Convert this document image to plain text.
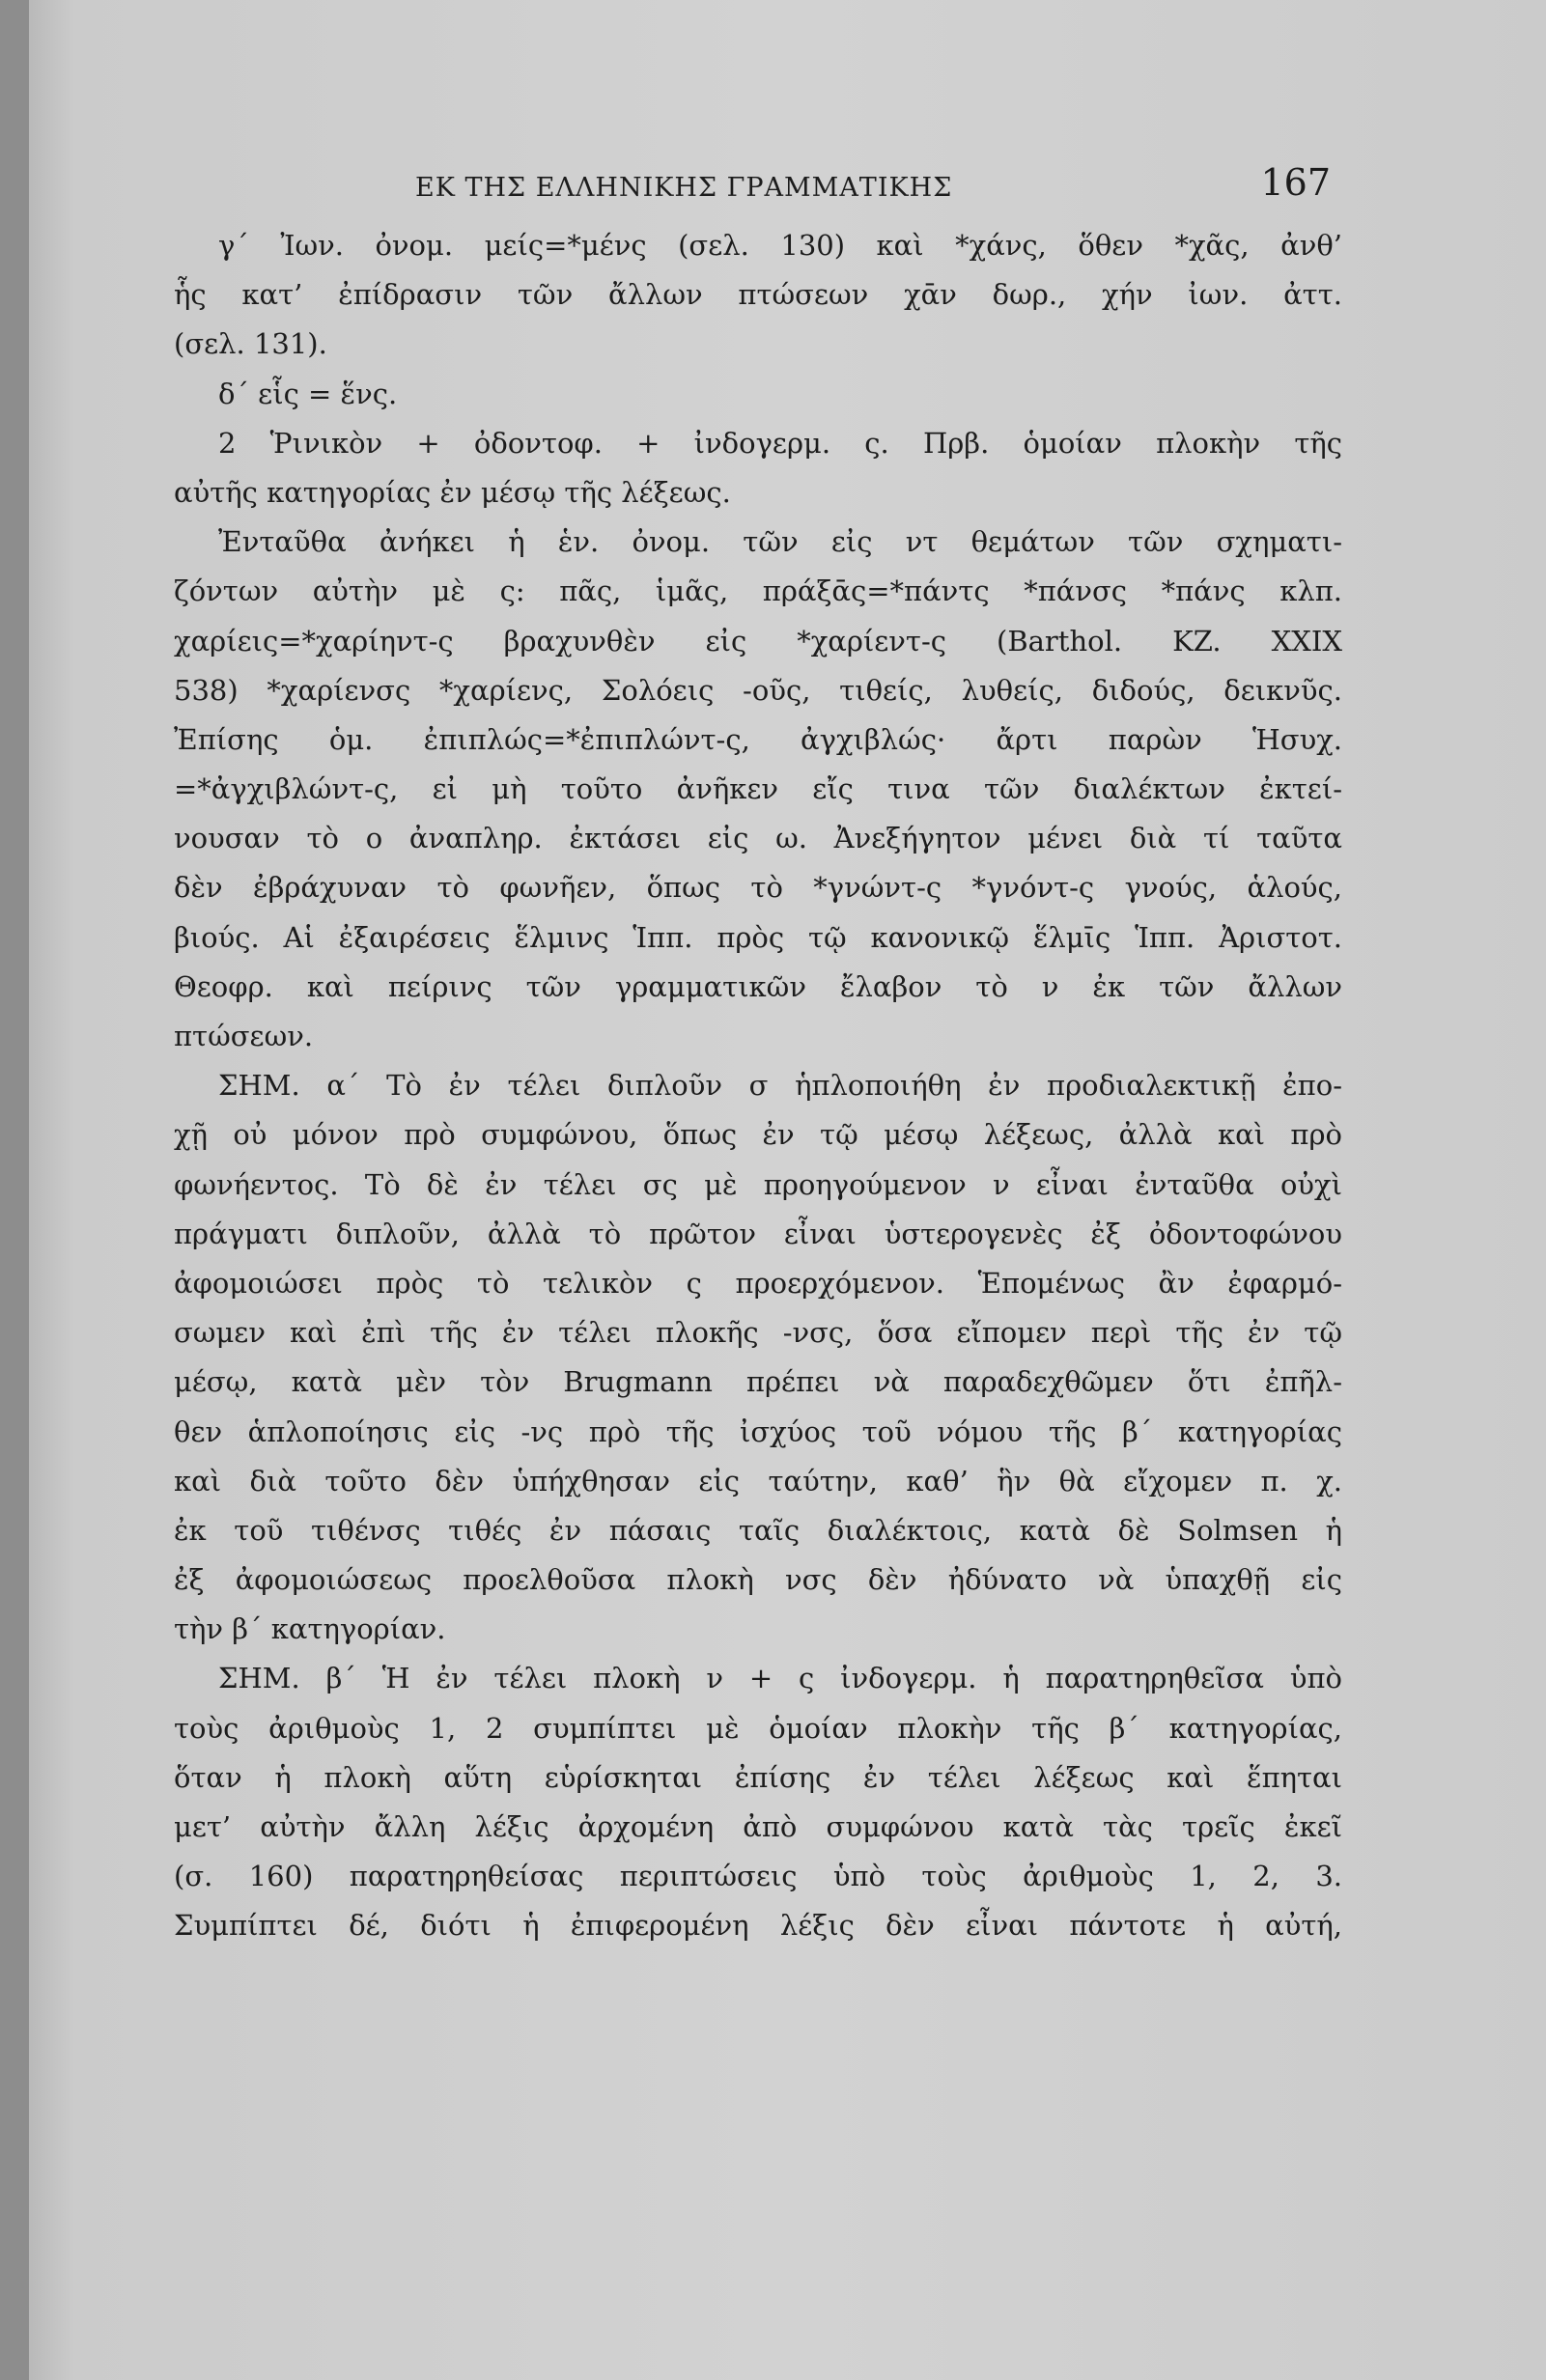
ΕΚ ΤΗΣ ΕΛΛΗΝΙΚΗΣ ΓΡΑΜΜΑΤΙΚΗΣ	167
γ΄ Ἰων. ὀνομ. μείς=*μένς (σελ. 130) καὶ *χάνς, ὅθεν *χᾶς, ἀνθ’
ἧς κατ’ ἐπίδρασιν τῶν ἄλλων πτώσεων χᾱν δωρ., χήν ἰων. ἀττ.
(σελ. 131).
δ΄ εἷς = ἕνς.
2 Ῥινικὸν + ὀδοντοφ. + ἰνδογερμ. ς. Πρβ. ὁμοίαν πλοκὴν τῆς
αὐτῆς κατηγορίας ἐν μέσῳ τῆς λέξεως.
Ἐνταῦθα ἀνήκει ἡ ἑν. ὀνομ. τῶν εἰς ντ θεμάτων τῶν σχηματι-
ζόντων αὐτὴν μὲ ς: πᾶς, ἱμᾶς, πράξᾱς=*πάντς *πάνσς *πάνς κλπ.
χαρίεις=*χαρίηντ-ς βραχυνθὲν εἰς *χαρίεντ-ς (Barthol. KZ. XXIX
538) *χαρίενσς *χαρίενς, Σολόεις -οῦς, τιθείς, λυθείς, διδούς, δεικνῦς.
Ἐπίσης ὁμ. ἐπιπλώς=*ἐπιπλώντ-ς, ἀγχιβλώς· ἄρτι παρὼν Ἡσυχ.
=*ἀγχιβλώντ-ς, εἰ μὴ τοῦτο ἀνῆκεν εἴς τινα τῶν διαλέκτων ἐκτεί-
νουσαν τὸ ο ἀναπληρ. ἐκτάσει εἰς ω. Ἀνεξήγητον μένει διὰ τί ταῦτα
δὲν ἐβράχυναν τὸ φωνῆεν, ὅπως τὸ *γνώντ-ς *γνόντ-ς γνούς, ἁλούς,
βιούς. Αἱ ἐξαιρέσεις ἕλμινς Ἱππ. πρὸς τῷ κανονικῷ ἕλμῑς Ἱππ. Ἀριστοτ.
Θεοφρ. καὶ πείρινς τῶν γραμματικῶν ἔλαβον τὸ ν ἐκ τῶν ἄλλων
πτώσεων.
ΣΗΜ. α΄ Τὸ ἐν τέλει διπλοῦν σ ἡπλοποιήθη ἐν προδιαλεκτικῇ ἐπο-
χῇ οὐ μόνον πρὸ συμφώνου, ὅπως ἐν τῷ μέσῳ λέξεως, ἀλλὰ καὶ πρὸ
φωνήεντος. Τὸ δὲ ἐν τέλει σς μὲ προηγούμενον ν εἶναι ἐνταῦθα οὐχὶ
πράγματι διπλοῦν, ἀλλὰ τὸ πρῶτον εἶναι ὑστερογενὲς ἐξ ὀδοντοφώνου
ἀφομοιώσει πρὸς τὸ τελικὸν ς προερχόμενον. Ἑπομένως ἂν ἐφαρμό-
σωμεν καὶ ἐπὶ τῆς ἐν τέλει πλοκῆς -νσς, ὅσα εἴπομεν περὶ τῆς ἐν τῷ
μέσῳ, κατὰ μὲν τὸν Brugmann πρέπει νὰ παραδεχθῶμεν ὅτι ἐπῆλ-
θεν ἁπλοποίησις εἰς -νς πρὸ τῆς ἰσχύος τοῦ νόμου τῆς β΄ κατηγορίας
καὶ διὰ τοῦτο δὲν ὑπήχθησαν εἰς ταύτην, καθ’ ἣν θὰ εἴχομεν π. χ.
ἐκ τοῦ τιθένσς τιθές ἐν πάσαις ταῖς διαλέκτοις, κατὰ δὲ Solmsen ἡ
ἐξ ἀφομοιώσεως προελθοῦσα πλοκὴ νσς δὲν ἠδύνατο νὰ ὑπαχθῇ εἰς
τὴν β΄ κατηγορίαν.
ΣΗΜ. β΄ Ἡ ἐν τέλει πλοκὴ ν + ς ἰνδογερμ. ἡ παρατηρηθεῖσα ὑπὸ
τοὺς ἀριθμοὺς 1, 2 συμπίπτει μὲ ὁμοίαν πλοκὴν τῆς β΄ κατηγορίας,
ὅταν ἡ πλοκὴ αὕτη εὑρίσκηται ἐπίσης ἐν τέλει λέξεως καὶ ἕπηται
μετ’ αὐτὴν ἄλλη λέξις ἀρχομένη ἀπὸ συμφώνου κατὰ τὰς τρεῖς ἐκεῖ
(σ. 160) παρατηρηθείσας περιπτώσεις ὑπὸ τοὺς ἀριθμοὺς 1, 2, 3.
Συμπίπτει δέ, διότι ἡ ἐπιφερομένη λέξις δὲν εἶναι πάντοτε ἡ αὐτή,
